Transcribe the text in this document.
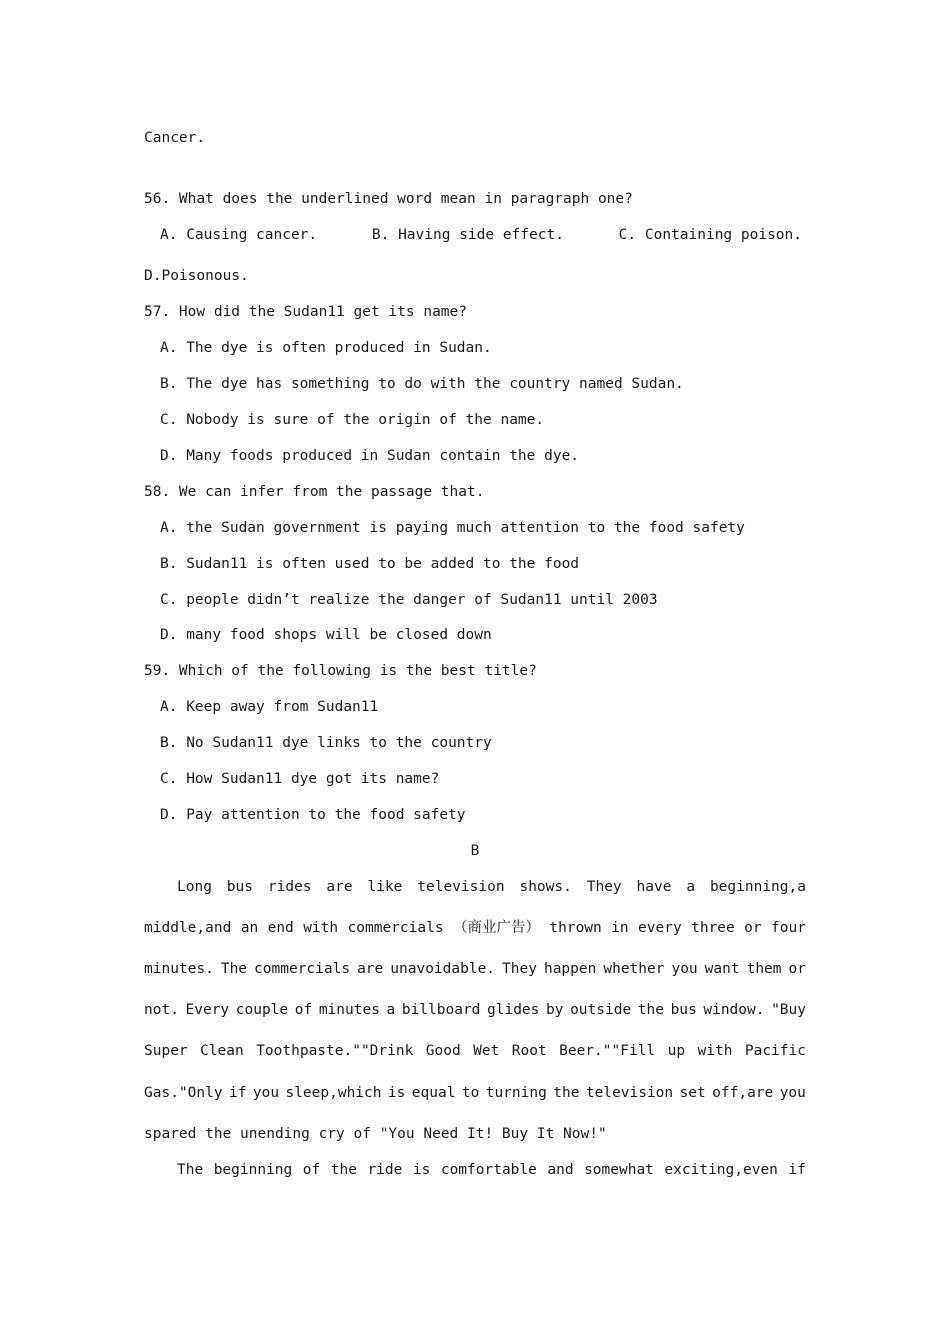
Cancer.
56. What does the underlined word mean in paragraph one?
A. Causing cancer.	B. Having side effect.	C. Containing poison.
D.Poisonous.
57. How did the Sudan11 get its name?
A. The dye is often produced in Sudan.
B. The dye has something to do with the country named Sudan.
C. Nobody is sure of the origin of the name.
D. Many foods produced in Sudan contain the dye.
58. We can infer from the passage that.
A. the Sudan government is paying much attention to the food safety
B. Sudan11 is often used to be added to the food
C. people didn’t realize the danger of Sudan11 until 2003
D. many food shops will be closed down
59. Which of the following is the best title?
A. Keep away from Sudan11
B. No Sudan11 dye links to the country
C. How Sudan11 dye got its name?
D. Pay attention to the food safety
B
Long bus rides are like television shows. They have a beginning,a
middle,and an end with commercials （商业广告） thrown in every three or four
minutes. The commercials are unavoidable. They happen whether you want them or
not. Every couple of minutes a billboard glides by outside the bus window. "Buy
Super Clean Toothpaste.""Drink Good Wet Root Beer.""Fill up with Pacific
Gas."Only if you sleep,which is equal to turning the television set off,are you
spared the unending cry of "You Need It! Buy It Now!"
The beginning of the ride is comfortable and somewhat exciting,even if
